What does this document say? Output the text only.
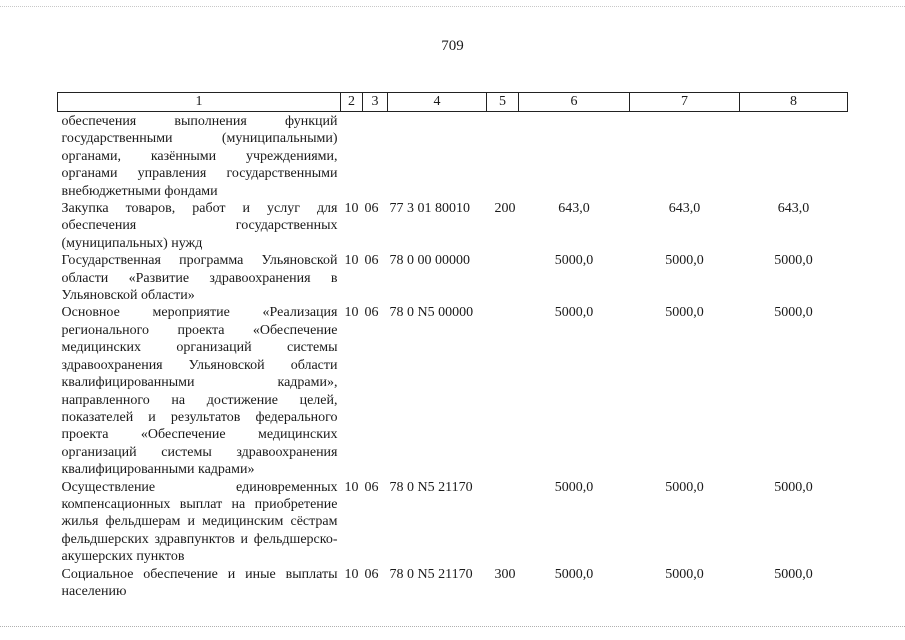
709
1	2	3	4	5	6	7	8
обеспечения выполнения функций государственными (муниципальными) органами, казёнными учреждениями, органами управления государственными внебюджетными фондами							
Закупка товаров, работ и услуг для обеспечения государственных (муниципальных) нужд	10	06	77 3 01 80010	200	643,0	643,0	643,0
Государственная программа Ульяновской области «Развитие здравоохранения в Ульяновской области»	10	06	78 0 00 00000		5000,0	5000,0	5000,0
Основное мероприятие «Реализация регионального проекта «Обеспечение медицинских организаций системы здравоохранения Ульяновской области квалифицированными кадрами», направленного на достижение целей, показателей и результатов федерального проекта «Обеспечение медицинских организаций системы здравоохранения квалифицированными кадрами»	10	06	78 0 N5 00000		5000,0	5000,0	5000,0
Осуществление единовременных компенсационных выплат на приобретение жилья фельдшерам и медицинским сёстрам фельдшерских здравпунктов и фельдшерско-акушерских пунктов	10	06	78 0 N5 21170		5000,0	5000,0	5000,0
Социальное обеспечение и иные выплаты населению	10	06	78 0 N5 21170	300	5000,0	5000,0	5000,0
